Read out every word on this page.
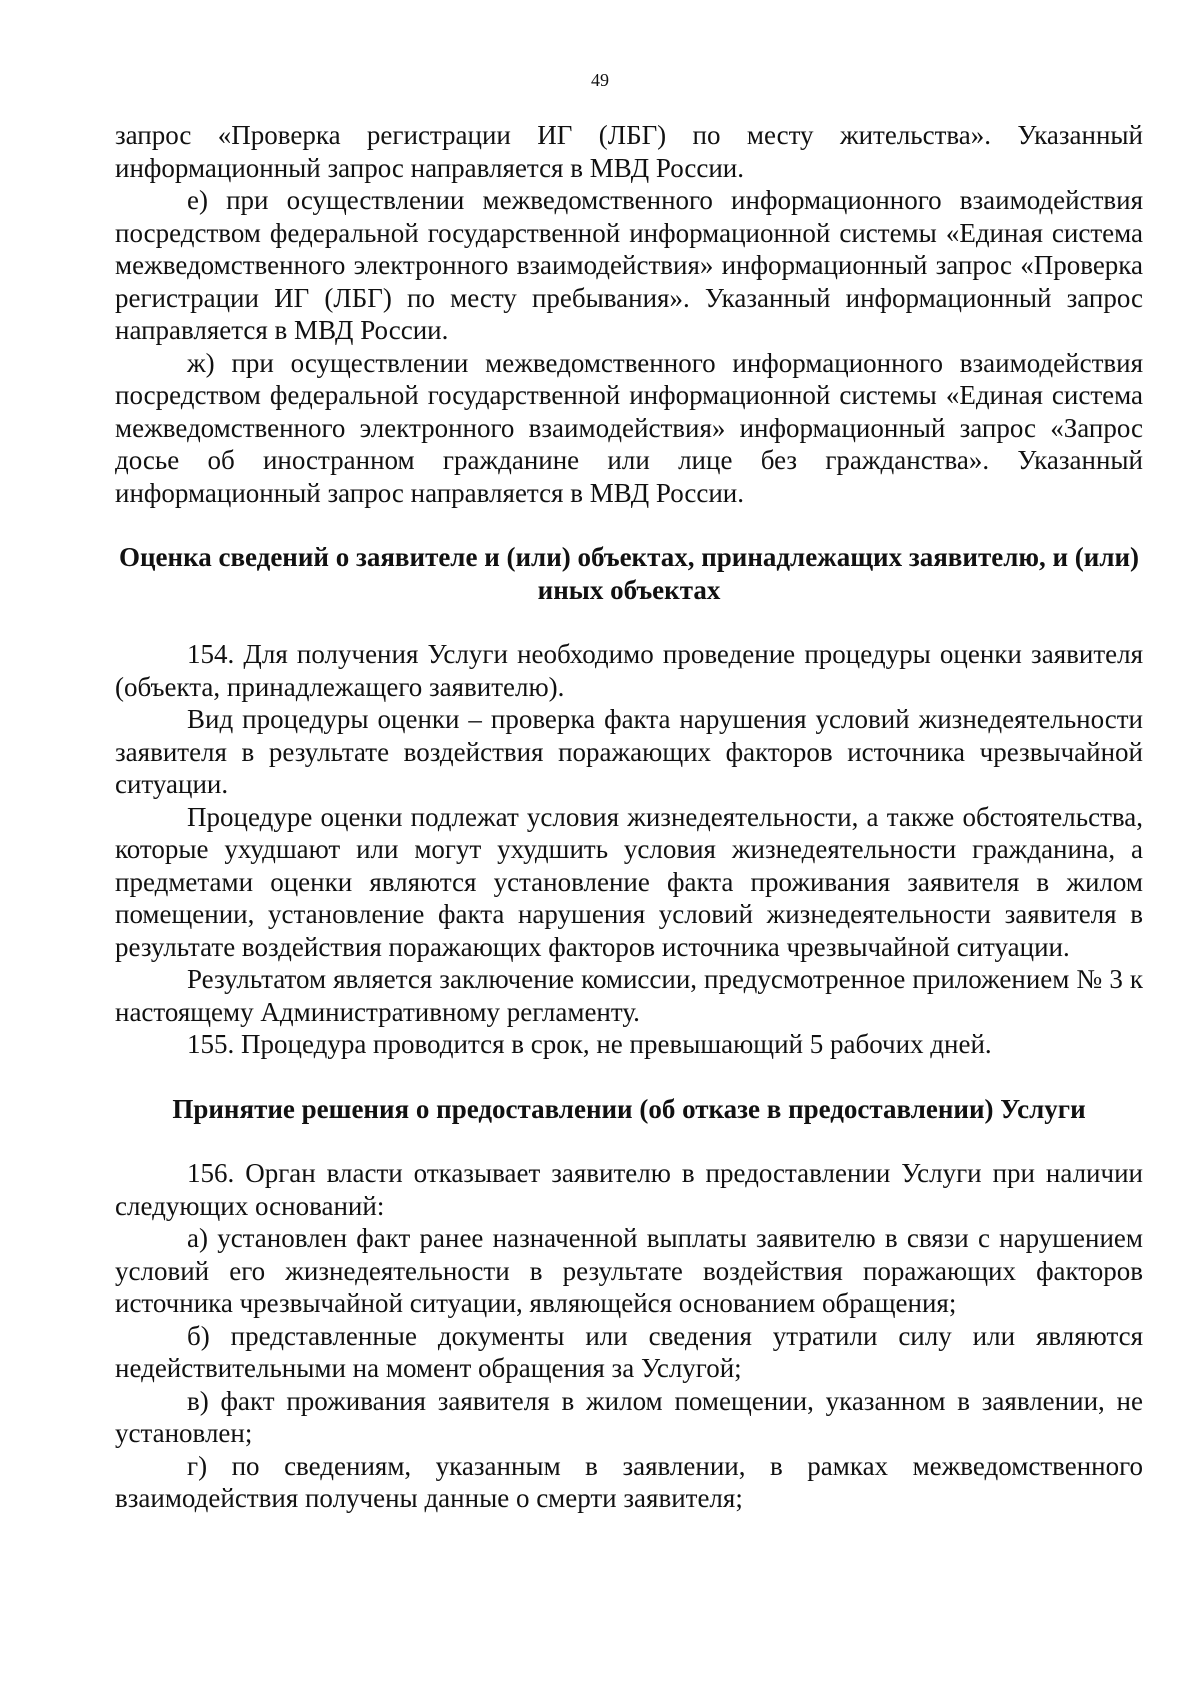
49

запрос «Проверка регистрации ИГ (ЛБГ) по месту жительства». Указанный информационный запрос направляется в МВД России.

е) при осуществлении межведомственного информационного взаимодействия посредством федеральной государственной информационной системы «Единая система межведомственного электронного взаимодействия» информационный запрос «Проверка регистрации ИГ (ЛБГ) по месту пребывания». Указанный информационный запрос направляется в МВД России.

ж) при осуществлении межведомственного информационного взаимодействия посредством федеральной государственной информационной системы «Единая система межведомственного электронного взаимодействия» информационный запрос «Запрос досье об иностранном гражданине или лице без гражданства». Указанный информационный запрос направляется в МВД России.

Оценка сведений о заявителе и (или) объектах, принадлежащих заявителю, и (или) иных объектах

154. Для получения Услуги необходимо проведение процедуры оценки заявителя (объекта, принадлежащего заявителю).

Вид процедуры оценки – проверка факта нарушения условий жизнедеятельности заявителя в результате воздействия поражающих факторов источника чрезвычайной ситуации.

Процедуре оценки подлежат условия жизнедеятельности, а также обстоятельства, которые ухудшают или могут ухудшить условия жизнедеятельности гражданина, а предметами оценки являются установление факта проживания заявителя в жилом помещении, установление факта нарушения условий жизнедеятельности заявителя в результате воздействия поражающих факторов источника чрезвычайной ситуации.

Результатом является заключение комиссии, предусмотренное приложением № 3 к настоящему Административному регламенту.

155. Процедура проводится в срок, не превышающий 5 рабочих дней.

Принятие решения о предоставлении (об отказе в предоставлении) Услуги

156. Орган власти отказывает заявителю в предоставлении Услуги при наличии следующих оснований:

а) установлен факт ранее назначенной выплаты заявителю в связи с нарушением условий его жизнедеятельности в результате воздействия поражающих факторов источника чрезвычайной ситуации, являющейся основанием обращения;

б) представленные документы или сведения утратили силу или являются недействительными на момент обращения за Услугой;

в) факт проживания заявителя в жилом помещении, указанном в заявлении, не установлен;

г) по сведениям, указанным в заявлении, в рамках межведомственного взаимодействия получены данные о смерти заявителя;
